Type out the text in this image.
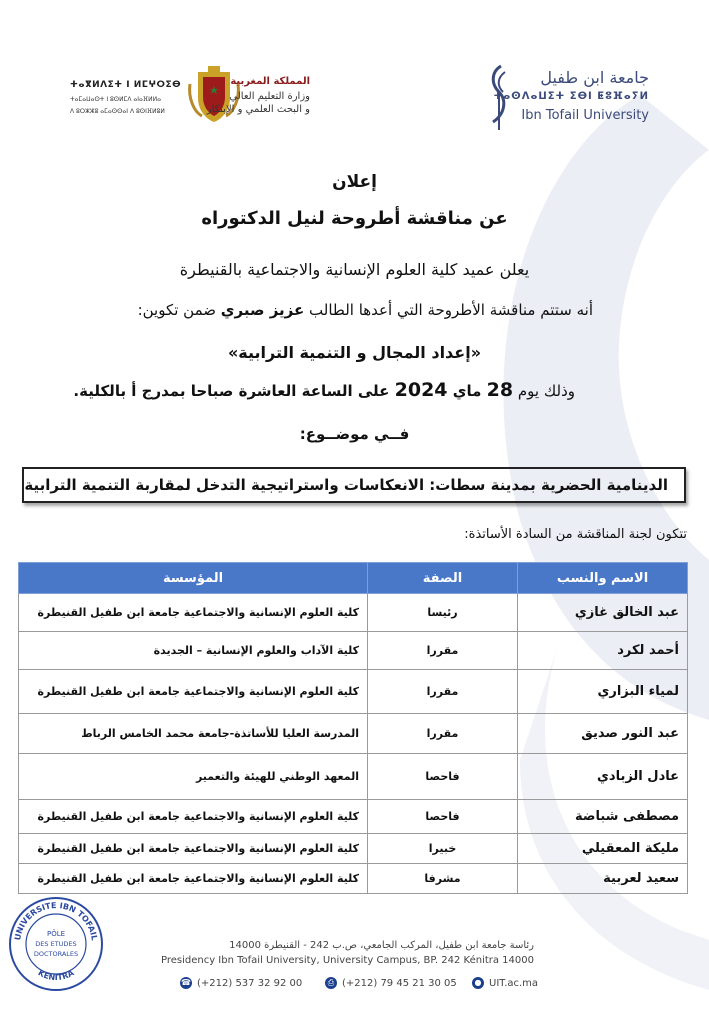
جامعة ابن طفيل
ⵜⴰⵙⴷⴰⵡⵉⵜ ⵉⴱⵏ ⵟⵓⴼⴰⵢⵍ
Ibn Tofail University
ⵜⴰⴳⵍⴷⵉⵜ ⵏ ⵍⵎⵖⵔⵉⴱ
ⵜⴰⵎⴰⵡⴰⵙⵜ ⵏ ⵓⵙⵍⵎⴷ ⴰⵏⴰⴼⵍⵍⴰ
ⴷ ⵓⵔⵣⵣⵓ ⴰⵎⴰⵙⵙⴰⵏ ⴷ ⵓⵙⵏⴼⵍⵓⵍ
المملكة المغربية
وزارة التعليم العالي
و البحث العلمي و الإبتكار
إعلان
عن مناقشة أطروحة لنيل الدكتوراه
يعلن عميد كلية العلوم الإنسانية والاجتماعية بالقنيطرة
أنه ستتم مناقشة الأطروحة التي أعدها الطالب عزيز صبري ضمن تكوين:
«إعداد المجال و التنمية الترابية»
وذلك يوم 28 ماي 2024 على الساعة العاشرة صباحا بمدرج أ بالكلية.
فــي موضــوع:
الدينامية الحضرية بمدينة سطات: الانعكاسات واستراتيجية التدخل لمقاربة التنمية الترابية
تتكون لجنة المناقشة من السادة الأساتذة:
الاسم والنسب	الصفة	المؤسسة
عبد الخالق غازي	رئيسا	كلية العلوم الإنسانية والاجتماعية جامعة ابن طفيل القنيطرة
أحمد لكرد	مقررا	كلية الآداب والعلوم الإنسانية – الجديدة
لمياء البزاري	مقررا	كلية العلوم الإنسانية والاجتماعية جامعة ابن طفيل القنيطرة
عبد النور صديق	مقررا	المدرسة العليا للأساتذة-جامعة محمد الخامس الرباط
عادل الزبادي	فاحصا	المعهد الوطني للهيئة والتعمير
مصطفى شباضة	فاحصا	كلية العلوم الإنسانية والاجتماعية جامعة ابن طفيل القنيطرة
مليكة المعقيلي	خبيرا	كلية العلوم الإنسانية والاجتماعية جامعة ابن طفيل القنيطرة
سعيد لعربية	مشرفا	كلية العلوم الإنسانية والاجتماعية جامعة ابن طفيل القنيطرة
UNIVERSITE IBN TOFAIL
KENITRA
PÔLE
DES ETUDES
DOCTORALES
رئاسة جامعة ابن طفيل، المركب الجامعي، ص.ب 242 - القنيطرة 14000
Presidency Ibn Tofail University, University Campus, BP. 242 Kénitra 14000
☎ (+212) 537 32 92 00	⎙ (+212) 79 45 21 30 05	● UIT.ac.ma
